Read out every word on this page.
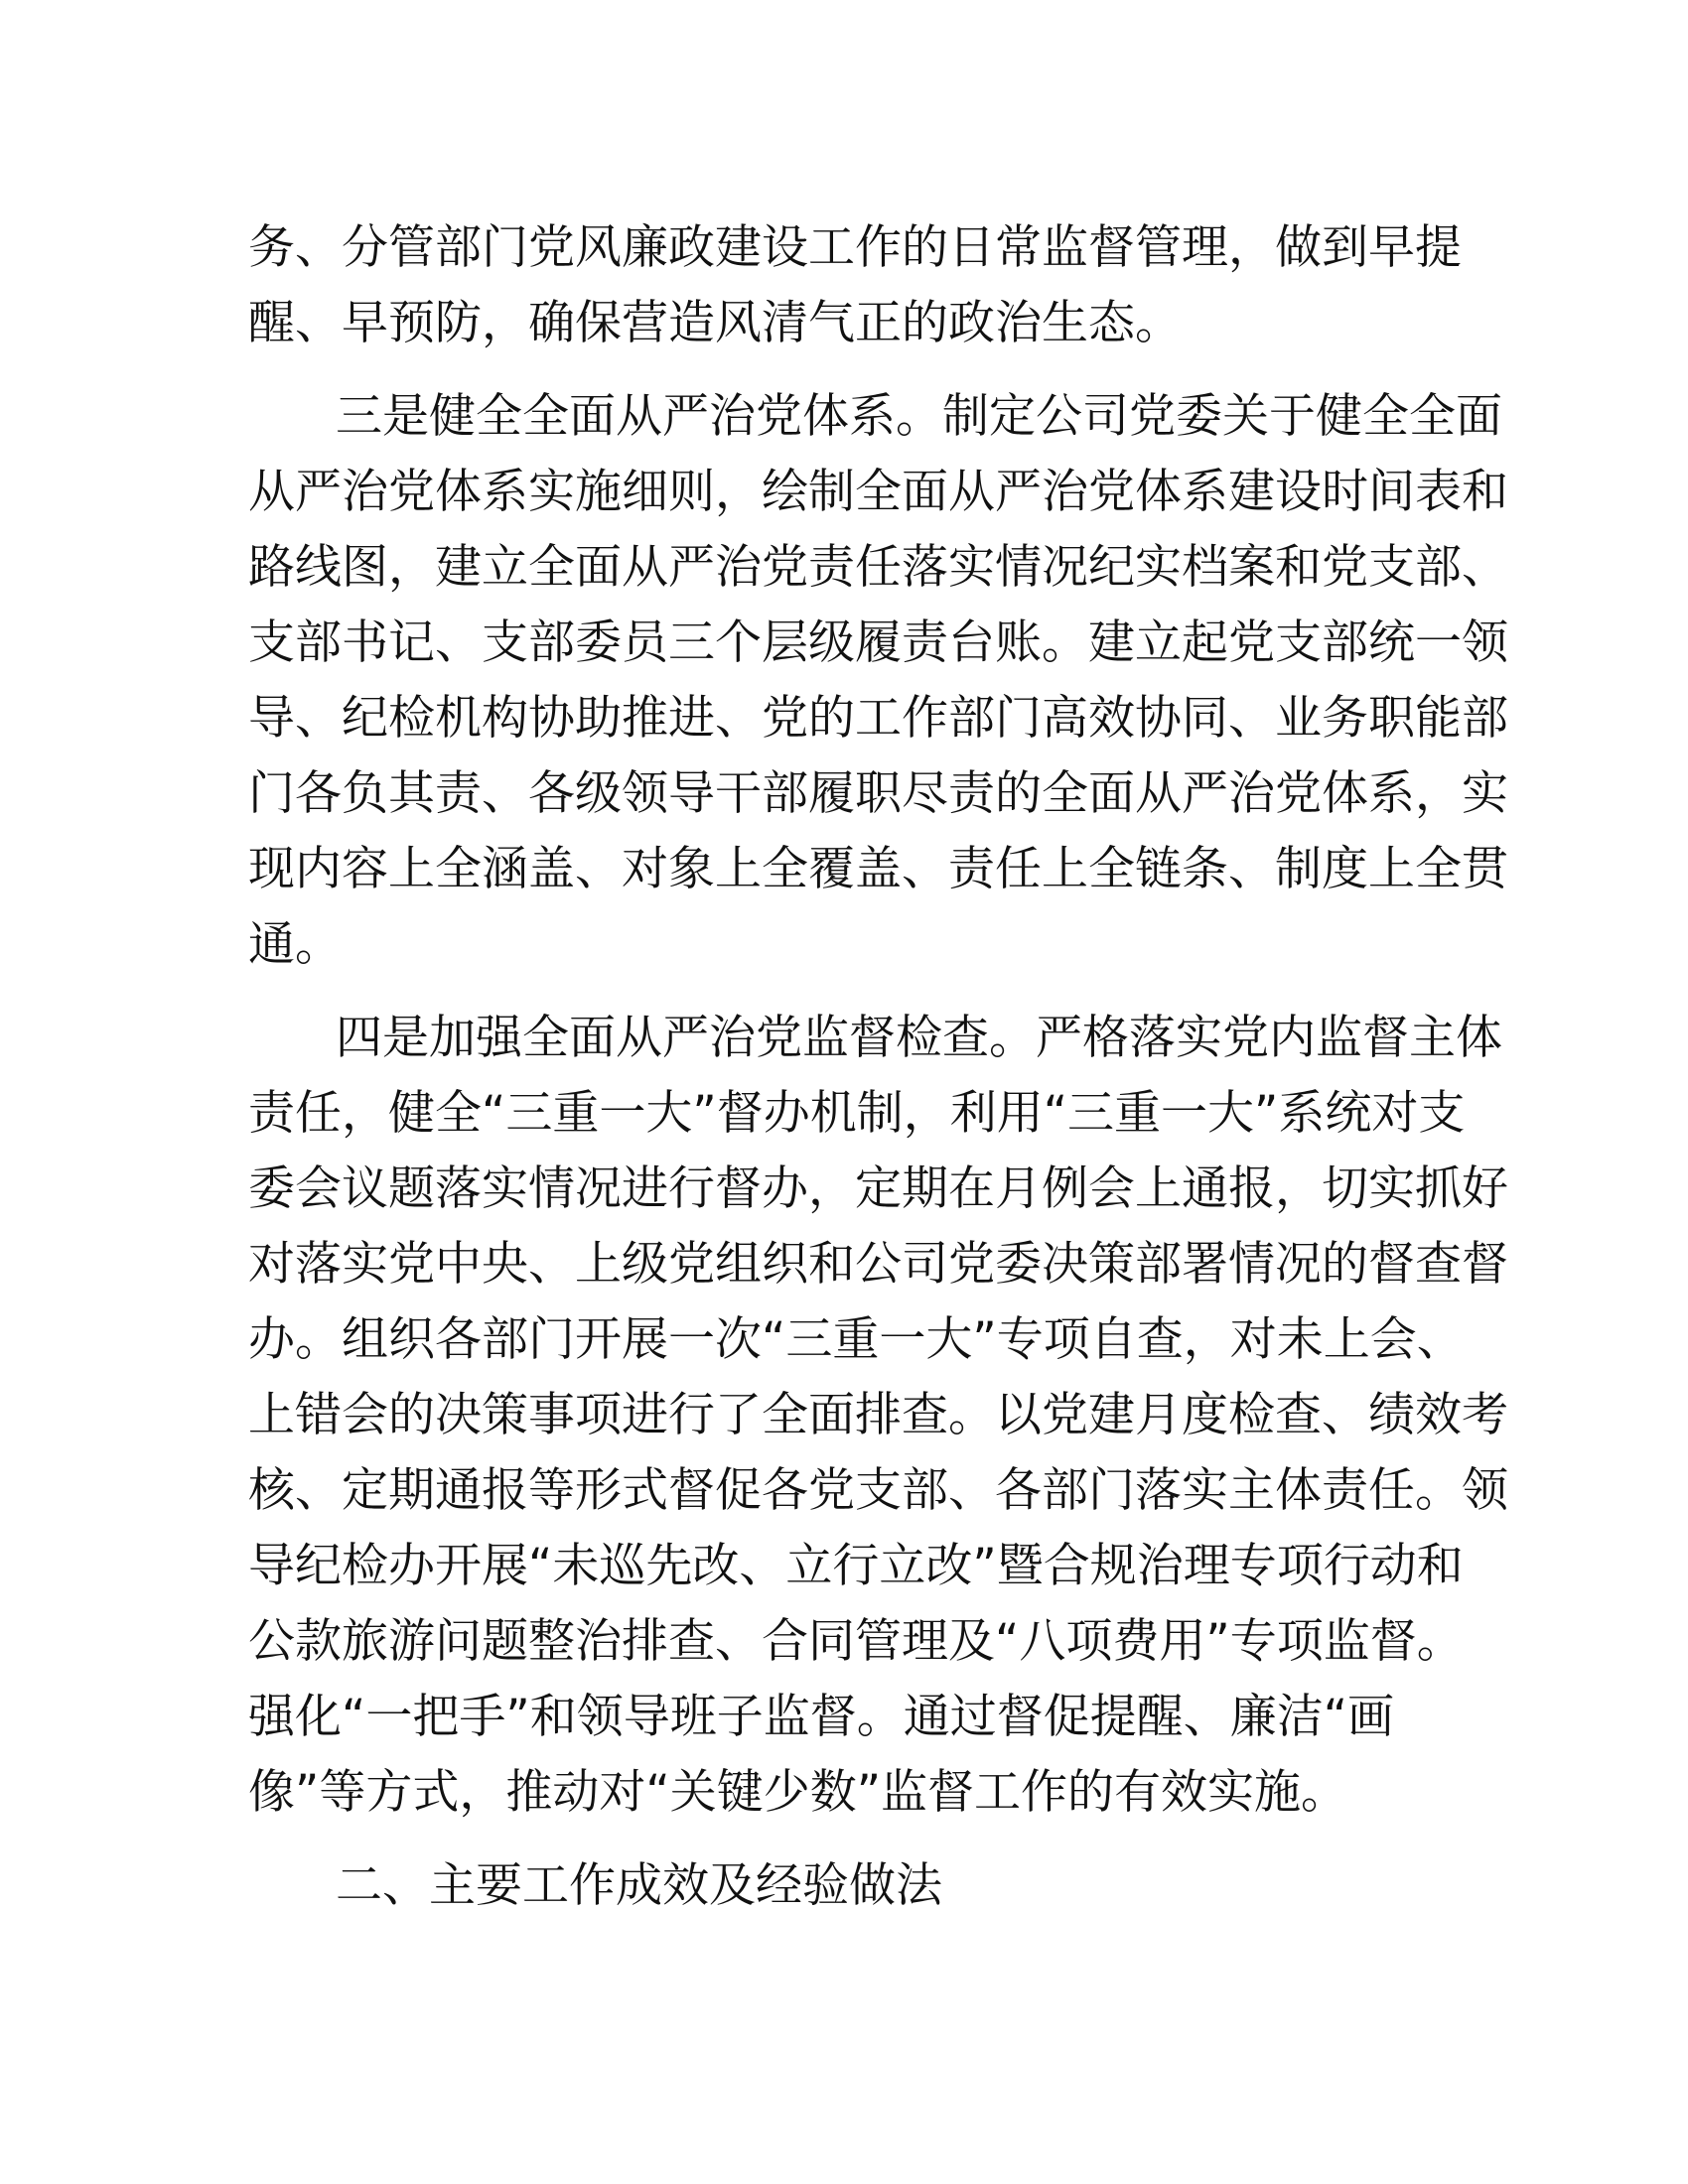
务、分管部门党风廉政建设工作的日常监督管理，做到早提

醒、早预防，确保营造风清气正的政治生态。

三是健全全面从严治党体系。制定公司党委关于健全全面

从严治党体系实施细则，绘制全面从严治党体系建设时间表和

路线图，建立全面从严治党责任落实情况纪实档案和党支部、

支部书记、支部委员三个层级履责台账。建立起党支部统一领

导、纪检机构协助推进、党的工作部门高效协同、业务职能部

门各负其责、各级领导干部履职尽责的全面从严治党体系，实

现内容上全涵盖、对象上全覆盖、责任上全链条、制度上全贯

通。

四是加强全面从严治党监督检查。严格落实党内监督主体

责任，健全“三重一大”督办机制，利用“三重一大”系统对支

委会议题落实情况进行督办，定期在月例会上通报，切实抓好

对落实党中央、上级党组织和公司党委决策部署情况的督查督

办。组织各部门开展一次“三重一大”专项自查，对未上会、

上错会的决策事项进行了全面排查。以党建月度检查、绩效考

核、定期通报等形式督促各党支部、各部门落实主体责任。领

导纪检办开展“未巡先改、立行立改”暨合规治理专项行动和

公款旅游问题整治排查、合同管理及“八项费用”专项监督。

强化“一把手”和领导班子监督。通过督促提醒、廉洁“画

像”等方式，推动对“关键少数”监督工作的有效实施。

二、主要工作成效及经验做法
